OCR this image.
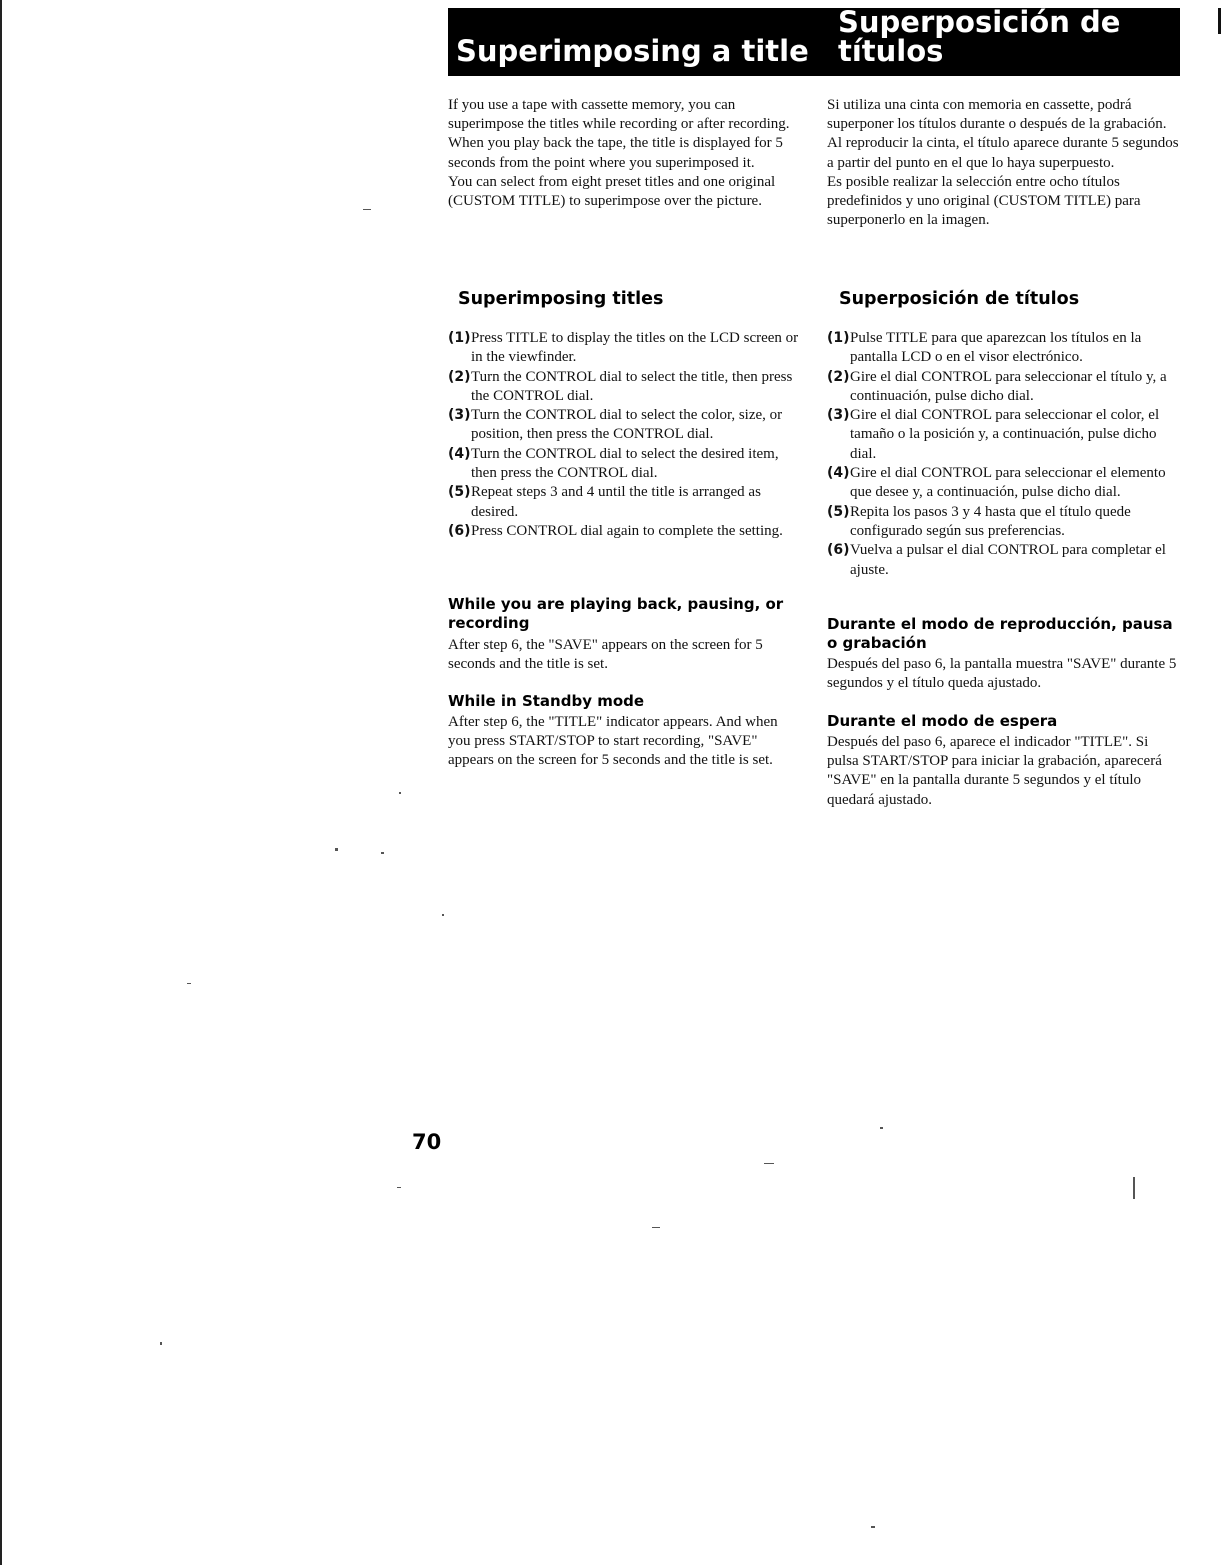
Superimposing a title
Superposición de
títulos

If you use a tape with cassette memory, you can superimpose the titles while recording or after recording. When you play back the tape, the title is displayed for 5 seconds from the point where you superimposed it.

You can select from eight preset titles and one original (CUSTOM TITLE) to superimpose over the picture.

Superimposing titles
(1) Press TITLE to display the titles on the LCD screen or in the viewfinder.
(2) Turn the CONTROL dial to select the title, then press the CONTROL dial.
(3) Turn the CONTROL dial to select the color, size, or position, then press the CONTROL dial.
(4) Turn the CONTROL dial to select the desired item, then press the CONTROL dial.
(5) Repeat steps 3 and 4 until the title is arranged as desired.
(6) Press CONTROL dial again to complete the setting.
While you are playing back, pausing, or recording

After step 6, the "SAVE" appears on the screen for 5 seconds and the title is set.

While in Standby mode

After step 6, the "TITLE" indicator appears. And when you press START/STOP to start recording, "SAVE" appears on the screen for 5 seconds and the title is set.

Si utiliza una cinta con memoria en cassette, podrá superponer los títulos durante o después de la grabación. Al reproducir la cinta, el título aparece durante 5 segundos a partir del punto en el que lo haya superpuesto.

Es posible realizar la selección entre ocho títulos predefinidos y uno original (CUSTOM TITLE) para superponerlo en la imagen.

Superposición de títulos
(1) Pulse TITLE para que aparezcan los títulos en la pantalla LCD o en el visor electrónico.
(2) Gire el dial CONTROL para seleccionar el título y, a continuación, pulse dicho dial.
(3) Gire el dial CONTROL para seleccionar el color, el tamaño o la posición y, a continuación, pulse dicho dial.
(4) Gire el dial CONTROL para seleccionar el elemento que desee y, a continuación, pulse dicho dial.
(5) Repita los pasos 3 y 4 hasta que el título quede configurado según sus preferencias.
(6) Vuelva a pulsar el dial CONTROL para completar el ajuste.
Durante el modo de reproducción, pausa o grabación

Después del paso 6, la pantalla muestra "SAVE" durante 5 segundos y el título queda ajustado.

Durante el modo de espera

Después del paso 6, aparece el indicador "TITLE". Si pulsa START/STOP para iniciar la grabación, aparecerá "SAVE" en la pantalla durante 5 segundos y el título quedará ajustado.

70
